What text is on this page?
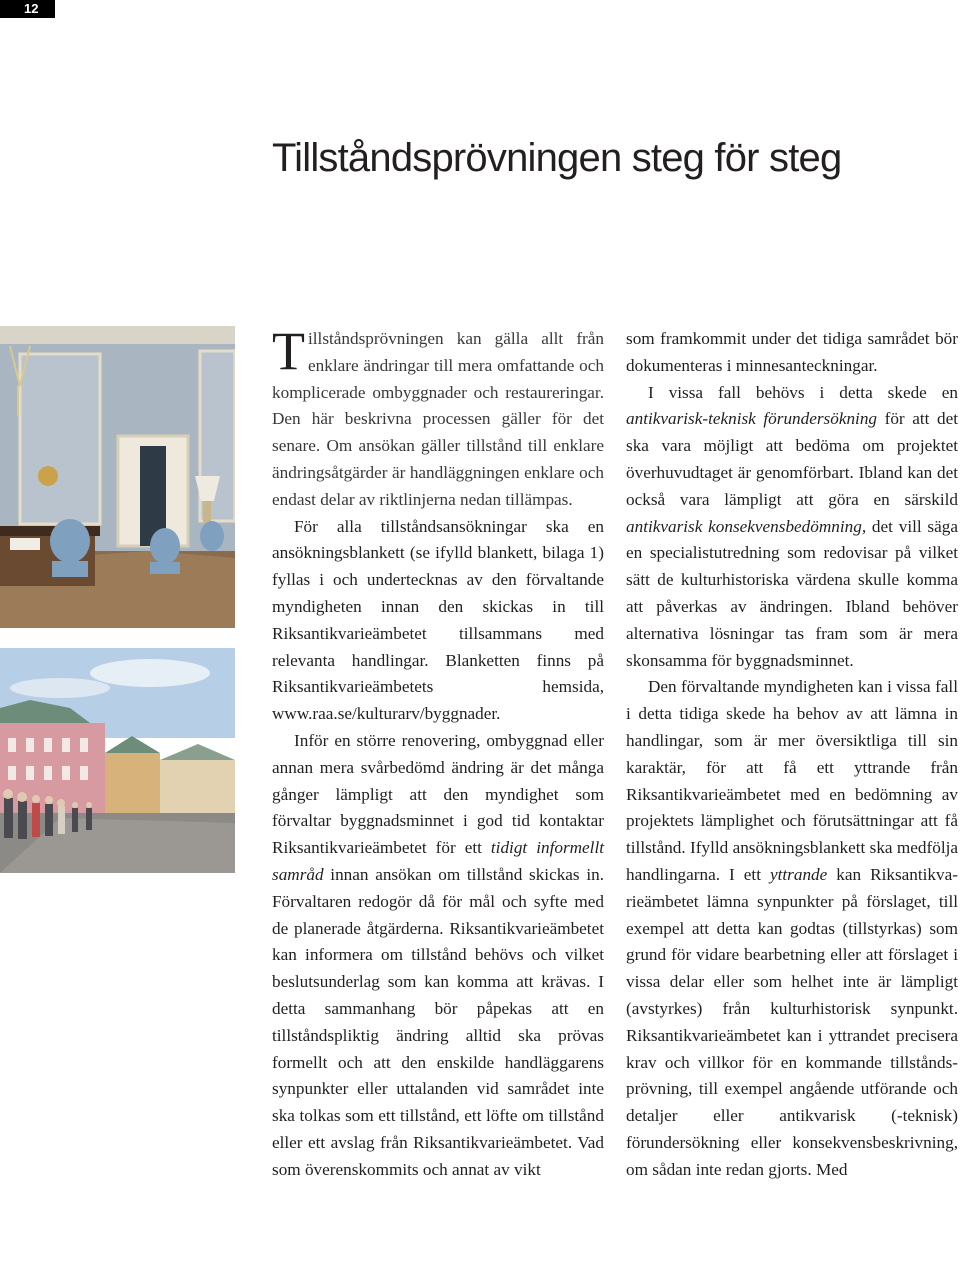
12
Tillståndsprövningen steg för steg

Tillståndsprövningen kan gälla allt från enklare ändringar till mera omfattande och komplicerade ombyggnader och restaureringar. Den här beskrivna processen gäller för det senare. Om ansökan gäller tillstånd till enklare ändringsåtgärder är handläggningen enklare och endast delar av riktlinjerna nedan tillämpas.

För alla tillståndsansökningar ska en ansökningsblankett (se ifylld blankett, bilaga 1) fyllas i och undertecknas av den förvaltande myndigheten innan den skickas in till Riksantikvarieämbetet tillsammans med relevanta handlingar. Blanketten finns på Riksantikvarieämbetets hemsida, www.raa.se/kulturarv/byggnader.

Inför en större renovering, ombyggnad eller annan mera svårbedömd ändring är det många gånger lämpligt att den myndighet som förvaltar byggnadsminnet i god tid kontaktar Riksantikvarieämbetet för ett tidigt informellt samråd innan ansökan om tillstånd skickas in. Förvaltaren redogör då för mål och syfte med de planerade åtgärderna. Riksantikvarieämbetet kan informera om tillstånd behövs och vilket beslutsunderlag som kan komma att krävas. I detta sammanhang bör påpekas att en tillståndspliktig ändring alltid ska prövas formellt och att den enskilde handläggarens synpunkter eller uttalanden vid samrådet inte ska tolkas som ett tillstånd, ett löfte om tillstånd eller ett avslag från Riksantikvarieämbetet. Vad som överenskommits och annat av vikt

som framkommit under det tidiga samrådet bör dokumenteras i minnesanteckningar.

I vissa fall behövs i detta skede en antikvarisk-teknisk förundersökning för att det ska vara möjligt att bedöma om projektet överhuvudtaget är genomförbart. Ibland kan det också vara lämpligt att göra en särskild antikvarisk konsekvensbedömning, det vill säga en specialistutredning som redovisar på vilket sätt de kulturhistoriska värdena skulle komma att påverkas av ändringen. Ibland behöver alternativa lösningar tas fram som är mera skonsamma för byggnadsminnet.

Den förvaltande myndigheten kan i vissa fall i detta tidiga skede ha behov av att lämna in handlingar, som är mer översiktliga till sin karaktär, för att få ett yttrande från Riksantikvarieämbetet med en bedömning av projektets lämplighet och förutsättningar att få tillstånd. Ifylld ansökningsblankett ska medfölja handlingarna. I ett yttrande kan Riksantikvarieämbetet lämna synpunkter på förslaget, till exempel att detta kan godtas (tillstyrkas) som grund för vidare bearbetning eller att förslaget i vissa delar eller som helhet inte är lämpligt (avstyrkes) från kulturhistorisk synpunkt. Riksantikvarieämbetet kan i yttrandet precisera krav och villkor för en kommande tillståndsprövning, till exempel angående utförande och detaljer eller antikvarisk (-teknisk) förundersökning eller konsekvensbeskrivning, om sådan inte redan gjorts. Med
